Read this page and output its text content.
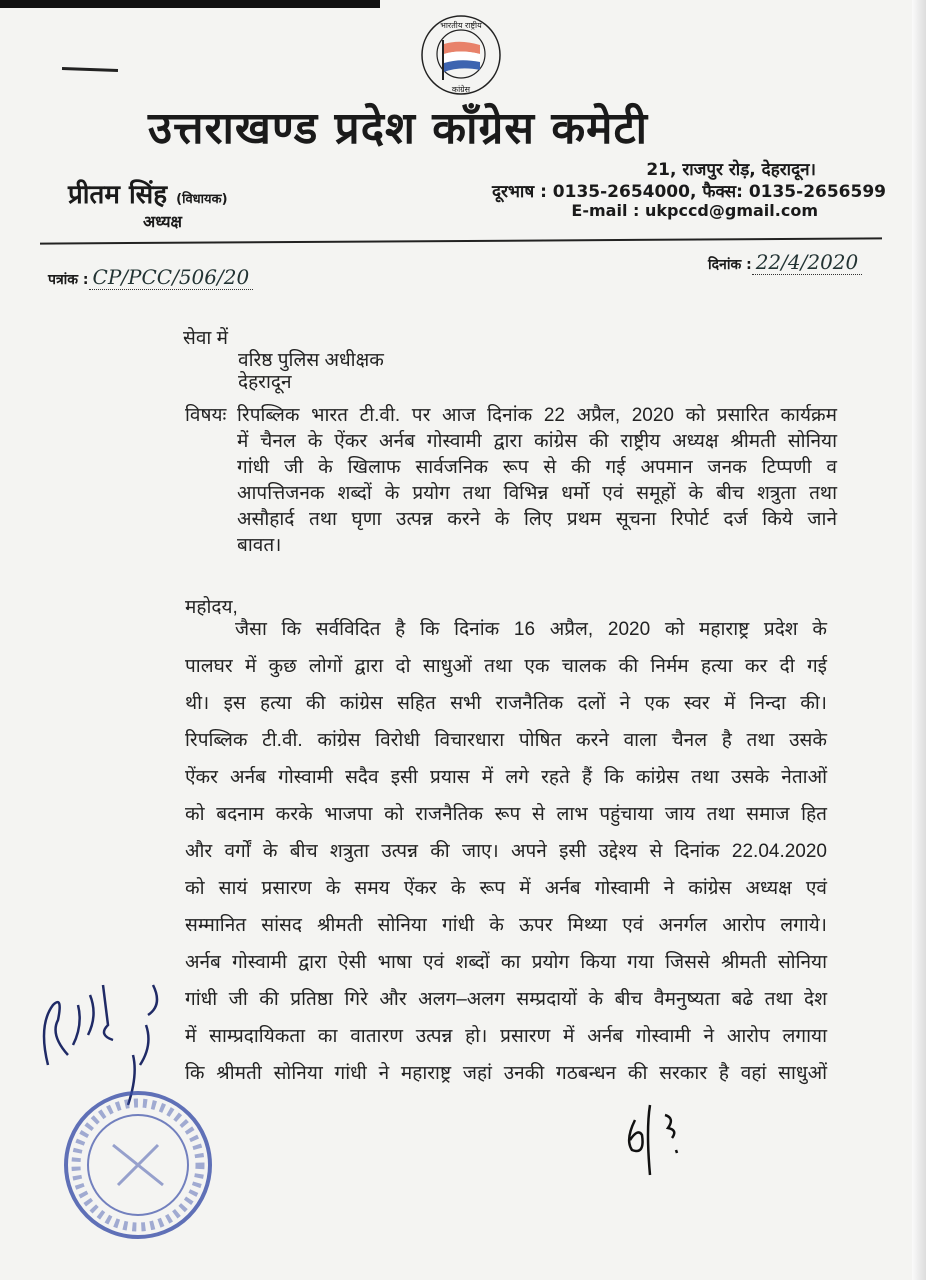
भारतीय राष्ट्रीय
कांग्रेस
उत्तराखण्ड प्रदेश काँग्रेस कमेटी
21, राजपुर रोड़, देहरादून।
दूरभाष : 0135-2654000, फैक्स: 0135-2656599
E-mail : ukpccd@gmail.com
प्रीतम सिंह (विधायक)
अध्यक्ष
पत्रांक : CP/PCC/506/20	दिनांक : 22/4/2020
सेवा में
वरिष्ठ पुलिस अधीक्षक
देहरादून
विषयः रिपब्लिक भारत टी.वी. पर आज दिनांक 22 अप्रैल, 2020 को प्रसारित कार्यक्रम
में चैनल के ऐंकर अर्नब गोस्वामी द्वारा कांग्रेस की राष्ट्रीय अध्यक्ष श्रीमती सोनिया
गांधी जी के खिलाफ सार्वजनिक रूप से की गई अपमान जनक टिप्पणी व
आपत्तिजनक शब्दों के प्रयोग तथा विभिन्न धर्मो एवं समूहों के बीच शत्रुता तथा
असौहार्द तथा घृणा उत्पन्न करने के लिए प्रथम सूचना रिपोर्ट दर्ज किये जाने
बावत।
महोदय,
जैसा कि सर्वविदित है कि दिनांक 16 अप्रैल, 2020 को महाराष्ट्र प्रदेश के
पालघर में कुछ लोगों द्वारा दो साधुओं तथा एक चालक की निर्मम हत्या कर दी गई
थी। इस हत्या की कांग्रेस सहित सभी राजनैतिक दलों ने एक स्वर में निन्दा की।
रिपब्लिक टी.वी. कांग्रेस विरोधी विचारधारा पोषित करने वाला चैनल है तथा उसके
ऐंकर अर्नब गोस्वामी सदैव इसी प्रयास में लगे रहते हैं कि कांग्रेस तथा उसके नेताओं
को बदनाम करके भाजपा को राजनैतिक रूप से लाभ पहुंचाया जाय तथा समाज हित
और वर्गों के बीच शत्रुता उत्पन्न की जाए। अपने इसी उद्देश्य से दिनांक 22.04.2020
को सायं प्रसारण के समय ऐंकर के रूप में अर्नब गोस्वामी ने कांग्रेस अध्यक्ष एवं
सम्मानित सांसद श्रीमती सोनिया गांधी के ऊपर मिथ्या एवं अनर्गल आरोप लगाये।
अर्नब गोस्वामी द्वारा ऐसी भाषा एवं शब्दों का प्रयोग किया गया जिससे श्रीमती सोनिया
गांधी जी की प्रतिष्ठा गिरे और अलग–अलग सम्प्रदायों के बीच वैमनुष्यता बढे तथा देश
में साम्प्रदायिकता का वातारण उत्पन्न हो। प्रसारण में अर्नब गोस्वामी ने आरोप लगाया
कि श्रीमती सोनिया गांधी ने महाराष्ट्र जहां उनकी गठबन्धन की सरकार है वहां साधुओं
